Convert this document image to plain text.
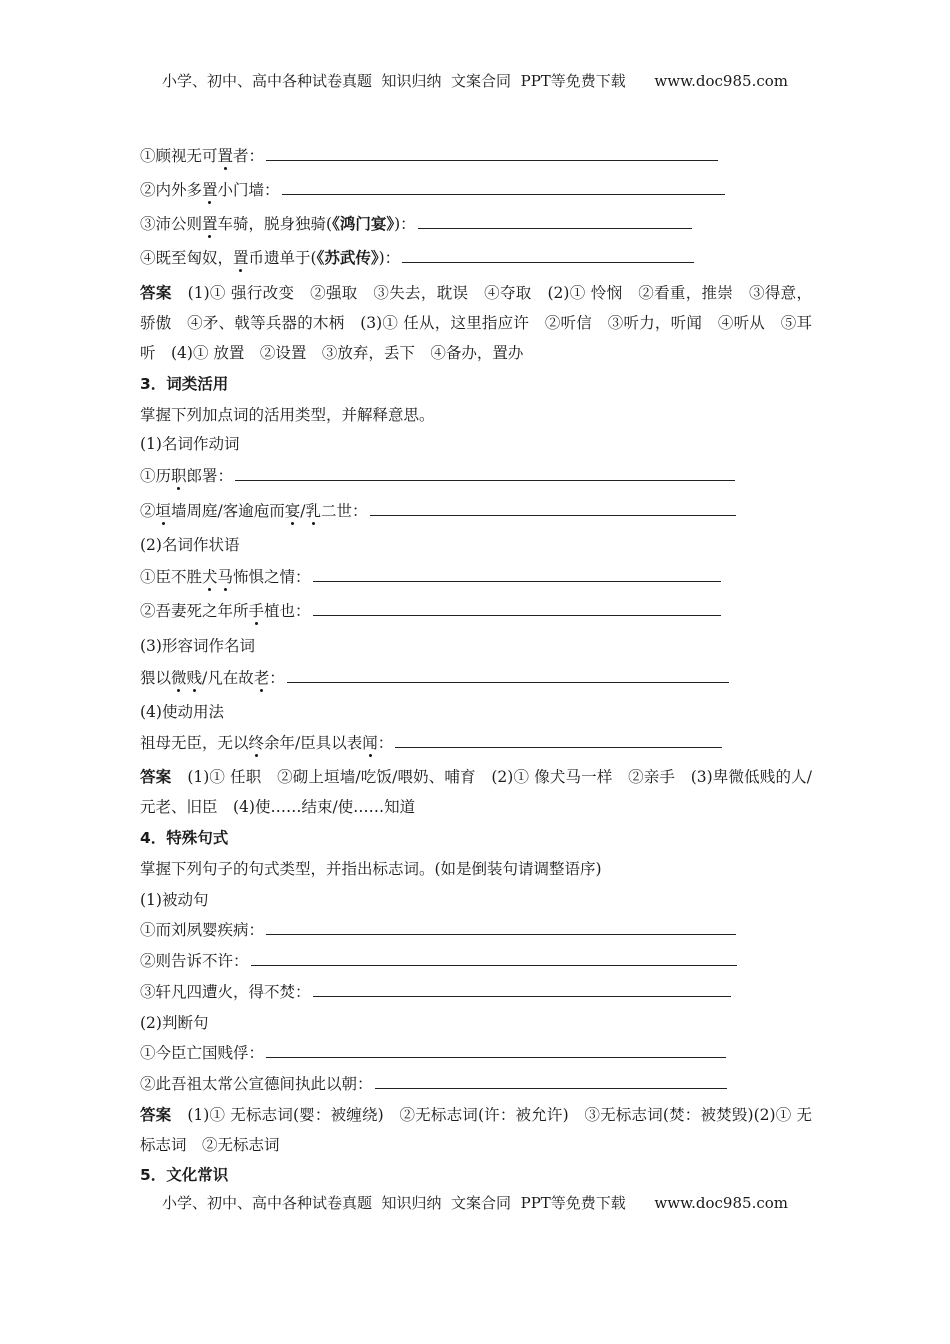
小学、初中、高中各种试卷真题  知识归纳  文案合同  PPT等免费下载      www.doc985.com
①顾视无可置者：
②内外多置小门墙：
③沛公则置车骑，脱身独骑(《鸿门宴》)：
④既至匈奴，置币遗单于(《苏武传》)：
答案 (1)① 强行改变　②强取　③失去，耽误　④夺取　(2)① 怜悯　②看重，推崇　③得意，骄傲　④矛、戟等兵器的木柄　(3)① 任从，这里指应许　②听信　③听力，听闻　④听从　⑤耳听　(4)① 放置　②设置　③放弃，丢下　④备办，置办
3．词类活用
掌握下列加点词的活用类型，并解释意思。
(1)名词作动词
①历职郎署：
②垣墙周庭/客逾庖而宴/乳二世：
(2)名词作状语
①臣不胜犬马怖惧之情：
②吾妻死之年所手植也：
(3)形容词作名词
猥以微贱/凡在故老：
(4)使动用法
祖母无臣，无以终余年/臣具以表闻：
答案 (1)① 任职　②砌上垣墙/吃饭/喂奶、哺育　(2)① 像犬马一样　②亲手　(3)卑微低贱的人/元老、旧臣　(4)使……结束/使……知道
4．特殊句式
掌握下列句子的句式类型，并指出标志词。(如是倒装句请调整语序)
(1)被动句
①而刘夙婴疾病：
②则告诉不许：
③轩凡四遭火，得不焚：
(2)判断句
①今臣亡国贱俘：
②此吾祖太常公宣德间执此以朝：
答案 (1)① 无标志词(婴：被缠绕)　②无标志词(许：被允许)　③无标志词(焚：被焚毁)(2)① 无标志词　②无标志词
5．文化常识
小学、初中、高中各种试卷真题  知识归纳  文案合同  PPT等免费下载      www.doc985.com
